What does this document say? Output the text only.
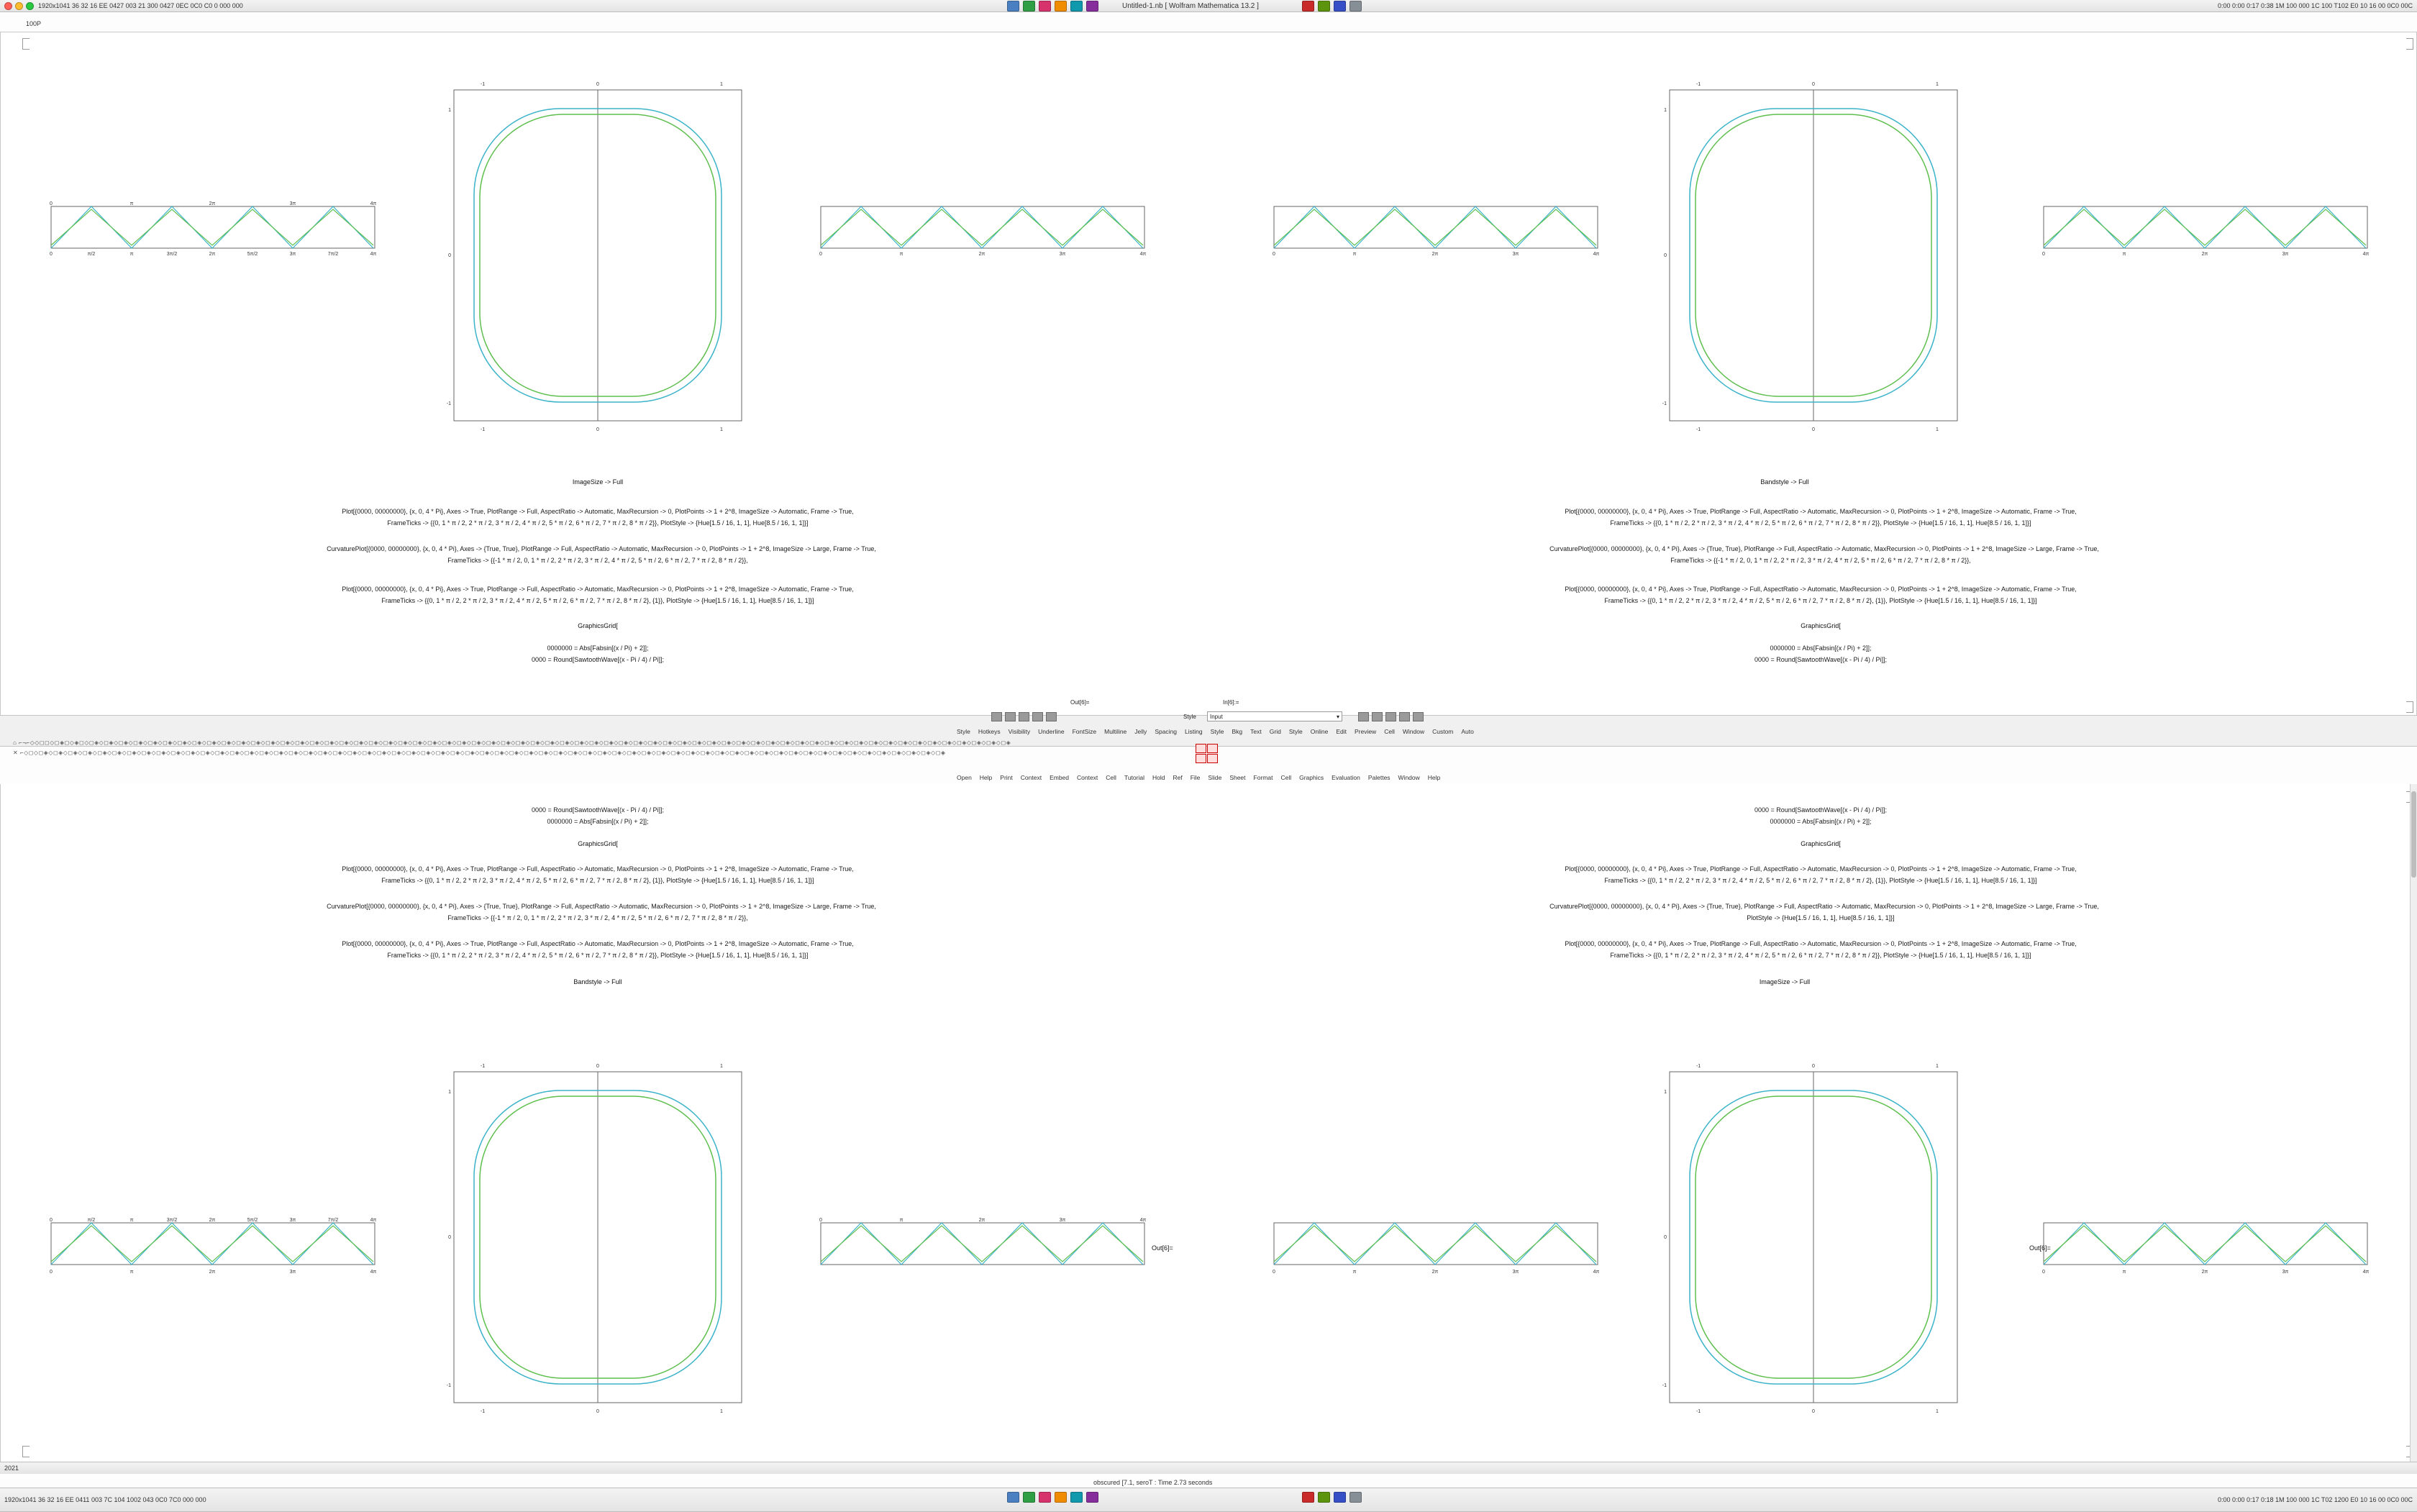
1920x1041 36 32 16 EE 0427 003 21 300 0427 0EC 0C0 C0 0 000 000	0:00 0:00 0:17 0:38 1M 100 000 1C 100 T102 E0 10 16 00 0C0 00C
Untitled-1.nb [ Wolfram Mathematica 13.2 ]
100P
0	π/2	π	3π/2	2π	5π/2	3π	7π/2	4π
0	π	2π	3π	4π
0	π	2π	3π	4π	0	π	2π	3π	4π	0	π	2π	3π	4π
-1	0	1
-1	0	1
1
0
-1
-1	0	1
-1	0	1
1
0
-1
ImageSize -> Full
Plot[{0000, 00000000}, {x, 0, 4 * Pi}, Axes -> True, PlotRange -> Full, AspectRatio -> Automatic, MaxRecursion -> 0, PlotPoints -> 1 + 2^8, ImageSize -> Automatic, Frame -> True,
FrameTicks -> {{0, 1 * π / 2, 2 * π / 2, 3 * π / 2, 4 * π / 2, 5 * π / 2, 6 * π / 2, 7 * π / 2, 8 * π / 2}}, PlotStyle -> {Hue[1.5 / 16, 1, 1], Hue[8.5 / 16, 1, 1]}]
CurvaturePlot[{0000, 00000000}, {x, 0, 4 * Pi}, Axes -> {True, True}, PlotRange -> Full, AspectRatio -> Automatic, MaxRecursion -> 0, PlotPoints -> 1 + 2^8, ImageSize -> Large, Frame -> True,
FrameTicks -> {{-1 * π / 2, 0, 1 * π / 2, 2 * π / 2, 3 * π / 2, 4 * π / 2, 5 * π / 2, 6 * π / 2, 7 * π / 2, 8 * π / 2}},
Plot[{0000, 00000000}, {x, 0, 4 * Pi}, Axes -> True, PlotRange -> Full, AspectRatio -> Automatic, MaxRecursion -> 0, PlotPoints -> 1 + 2^8, ImageSize -> Automatic, Frame -> True,
FrameTicks -> {{0, 1 * π / 2, 2 * π / 2, 3 * π / 2, 4 * π / 2, 5 * π / 2, 6 * π / 2, 7 * π / 2, 8 * π / 2}, {1}}, PlotStyle -> {Hue[1.5 / 16, 1, 1], Hue[8.5 / 16, 1, 1]}]
GraphicsGrid[
0000000 = Abs[Fabsin[(x / Pi) + 2]];
0000 = Round[SawtoothWave[(x - Pi / 4) / Pi]];
Bandstyle -> Full
Plot[{0000, 00000000}, {x, 0, 4 * Pi}, Axes -> True, PlotRange -> Full, AspectRatio -> Automatic, MaxRecursion -> 0, PlotPoints -> 1 + 2^8, ImageSize -> Automatic, Frame -> True,
FrameTicks -> {{0, 1 * π / 2, 2 * π / 2, 3 * π / 2, 4 * π / 2, 5 * π / 2, 6 * π / 2, 7 * π / 2, 8 * π / 2}}, PlotStyle -> {Hue[1.5 / 16, 1, 1], Hue[8.5 / 16, 1, 1]}]
CurvaturePlot[{0000, 00000000}, {x, 0, 4 * Pi}, Axes -> {True, True}, PlotRange -> Full, AspectRatio -> Automatic, MaxRecursion -> 0, PlotPoints -> 1 + 2^8, ImageSize -> Large, Frame -> True,
FrameTicks -> {{-1 * π / 2, 0, 1 * π / 2, 2 * π / 2, 3 * π / 2, 4 * π / 2, 5 * π / 2, 6 * π / 2, 7 * π / 2, 8 * π / 2}},
Plot[{0000, 00000000}, {x, 0, 4 * Pi}, Axes -> True, PlotRange -> Full, AspectRatio -> Automatic, MaxRecursion -> 0, PlotPoints -> 1 + 2^8, ImageSize -> Automatic, Frame -> True,
FrameTicks -> {{0, 1 * π / 2, 2 * π / 2, 3 * π / 2, 4 * π / 2, 5 * π / 2, 6 * π / 2, 7 * π / 2, 8 * π / 2}, {1}}, PlotStyle -> {Hue[1.5 / 16, 1, 1], Hue[8.5 / 16, 1, 1]}]
GraphicsGrid[
0000000 = Abs[Fabsin[(x / Pi) + 2]];
0000 = Round[SawtoothWave[(x - Pi / 4) / Pi]];
Style Input	▾
Out[6]=	In[6]:=
Style Hotkeys Visibility Underline FontSize Multiline Jelly Spacing Listing Style Bkg Text Grid Style Online Edit Preview Cell Window Custom Auto
⌂ ⌐¬⌐◇◇◻◻◇◻◈◻◇◈◻◇◻◈◇◻◈◇◻◈◇◻◈◇◻◈◇◻◈◇◻◈◇◻◈◇◻◈◇◻◈◇◻◈◇◻◈◇◻◈◇◻◈◇◻◈◇◻◈◇◻◈◇◻◈◇◻◈◇◻◈◇◻◈◇◻◈◇◻◈◇◻◈◇◻◈◇◻◈◇◻◈◇◻◈◇◻◈◇◻◈◇◻◈◇◻◈◇◻◈◇◻◈◇◻◈◇◻◈◇◻◈◇◻◈◇◻◈◇◻◈◇◻◈◇◻◈◇◻◈◇◻◈◇◻◈◇◻◈◇◻◈◇◻◈◇◻◈◇◻◈◇◻◈◇◻◈◇◻◈◇◻◈◇◻◈◇◻◈◇◻◈◇◻◈◇◻◈◇◻◈◇◻◈◇◻◈◇◻◈
✕ ⌐◇◻◇◻◈◇◻◈◇◻◈◇◻◈◇◻◈◇◻◈◇◻◈◇◻◈◇◻◈◇◻◈◇◻◈◇◻◈◇◻◈◇◻◈◇◻◈◇◻◈◇◻◈◇◻◈◇◻◈◇◻◈◇◻◈◇◻◈◇◻◈◇◻◈◇◻◈◇◻◈◇◻◈◇◻◈◇◻◈◇◻◈◇◻◈◇◻◈◇◻◈◇◻◈◇◻◈◇◻◈◇◻◈◇◻◈◇◻◈◇◻◈◇◻◈◇◻◈◇◻◈◇◻◈◇◻◈◇◻◈◇◻◈◇◻◈◇◻◈◇◻◈◇◻◈◇◻◈◇◻◈◇◻◈◇◻◈◇◻◈◇◻◈◇◻◈◇◻◈◇◻◈◇◻◈◇◻◈
Open Help Print Context Embed Context Cell Tutorial Hold Ref File Slide Sheet Format Cell Graphics Evaluation Palettes Window Help
0000 = Round[SawtoothWave[(x - Pi / 4) / Pi]];
0000000 = Abs[Fabsin[(x / Pi) + 2]];
GraphicsGrid[
Plot[{0000, 00000000}, {x, 0, 4 * Pi}, Axes -> True, PlotRange -> Full, AspectRatio -> Automatic, MaxRecursion -> 0, PlotPoints -> 1 + 2^8, ImageSize -> Automatic, Frame -> True,
FrameTicks -> {{0, 1 * π / 2, 2 * π / 2, 3 * π / 2, 4 * π / 2, 5 * π / 2, 6 * π / 2, 7 * π / 2, 8 * π / 2}, {1}}, PlotStyle -> {Hue[1.5 / 16, 1, 1], Hue[8.5 / 16, 1, 1]}]
CurvaturePlot[{0000, 00000000}, {x, 0, 4 * Pi}, Axes -> {True, True}, PlotRange -> Full, AspectRatio -> Automatic, MaxRecursion -> 0, PlotPoints -> 1 + 2^8, ImageSize -> Large, Frame -> True,
FrameTicks -> {{-1 * π / 2, 0, 1 * π / 2, 2 * π / 2, 3 * π / 2, 4 * π / 2, 5 * π / 2, 6 * π / 2, 7 * π / 2, 8 * π / 2}},
Plot[{0000, 00000000}, {x, 0, 4 * Pi}, Axes -> True, PlotRange -> Full, AspectRatio -> Automatic, MaxRecursion -> 0, PlotPoints -> 1 + 2^8, ImageSize -> Automatic, Frame -> True,
FrameTicks -> {{0, 1 * π / 2, 2 * π / 2, 3 * π / 2, 4 * π / 2, 5 * π / 2, 6 * π / 2, 7 * π / 2, 8 * π / 2}}, PlotStyle -> {Hue[1.5 / 16, 1, 1], Hue[8.5 / 16, 1, 1]}]
Bandstyle -> Full
0000 = Round[SawtoothWave[(x - Pi / 4) / Pi]];
0000000 = Abs[Fabsin[(x / Pi) + 2]];
GraphicsGrid[
Plot[{0000, 00000000}, {x, 0, 4 * Pi}, Axes -> True, PlotRange -> Full, AspectRatio -> Automatic, MaxRecursion -> 0, PlotPoints -> 1 + 2^8, ImageSize -> Automatic, Frame -> True,
FrameTicks -> {{0, 1 * π / 2, 2 * π / 2, 3 * π / 2, 4 * π / 2, 5 * π / 2, 6 * π / 2, 7 * π / 2, 8 * π / 2}, {1}}, PlotStyle -> {Hue[1.5 / 16, 1, 1], Hue[8.5 / 16, 1, 1]}]
CurvaturePlot[{0000, 00000000}, {x, 0, 4 * Pi}, Axes -> {True, True}, PlotRange -> Full, AspectRatio -> Automatic, MaxRecursion -> 0, PlotPoints -> 1 + 2^8, ImageSize -> Large, Frame -> True,
PlotStyle -> {Hue[1.5 / 16, 1, 1], Hue[8.5 / 16, 1, 1]}]
Plot[{0000, 00000000}, {x, 0, 4 * Pi}, Axes -> True, PlotRange -> Full, AspectRatio -> Automatic, MaxRecursion -> 0, PlotPoints -> 1 + 2^8, ImageSize -> Automatic, Frame -> True,
FrameTicks -> {{0, 1 * π / 2, 2 * π / 2, 3 * π / 2, 4 * π / 2, 5 * π / 2, 6 * π / 2, 7 * π / 2, 8 * π / 2}}, PlotStyle -> {Hue[1.5 / 16, 1, 1], Hue[8.5 / 16, 1, 1]}]
ImageSize -> Full
-1	0	1
-1	0	1
1
0
-1
-1	0	1
-1	0	1
1
0
-1
0	π/2	π	3π/2	2π	5π/2	3π	7π/2	4π
0	π	2π	3π	4π
0	π	2π	3π	4π
0	π	2π	3π	4π	0	π	2π	3π	4π
Out[6]=
Out[6]=
2021
1920x1041 36 32 16 EE 0411 003 7C 104 1002 043 0C0 7C0 000 000	0:00 0:00 0:17 0:18 1M 100 000 1C T02 1200 E0 10 16 00 0C0 00C
obscured [7.1, seroT : Time 2.73 seconds
